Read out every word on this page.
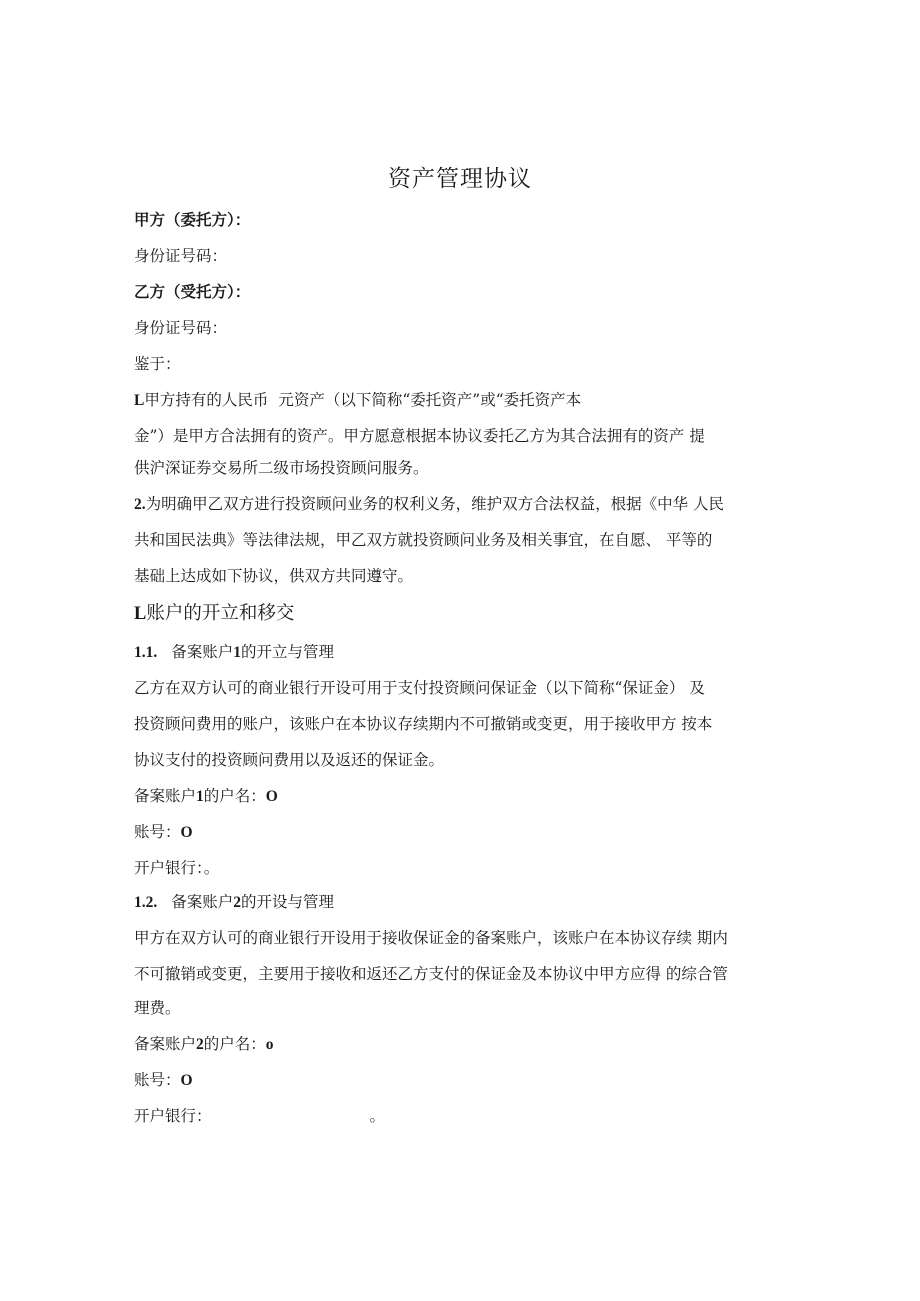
资产管理协议
甲方（委托方）：
身份证号码：
乙方（受托方）：
身份证号码：
鉴于：
L甲方持有的人民币 元资产（以下简称“委托资产”或“委托资产本
金”）是甲方合法拥有的资产。甲方愿意根据本协议委托乙方为其合法拥有的资产 提
供沪深证券交易所二级市场投资顾问服务。
2.为明确甲乙双方进行投资顾问业务的权利义务，维护双方合法权益，根据《中华 人民
共和国民法典》等法律法规，甲乙双方就投资顾问业务及相关事宜，在自愿、 平等的
基础上达成如下协议，供双方共同遵守。
L账户的开立和移交
1.1. 备案账户1的开立与管理
乙方在双方认可的商业银行开设可用于支付投资顾问保证金（以下简称“保证金） 及
投资顾问费用的账户，该账户在本协议存续期内不可撤销或变更，用于接收甲方 按本
协议支付的投资顾问费用以及返还的保证金。
备案账户1的户名：O
账号：O
开户银行：。
1.2. 备案账户2的开设与管理
甲方在双方认可的商业银行开设用于接收保证金的备案账户，该账户在本协议存续 期内
不可撤销或变更，主要用于接收和返还乙方支付的保证金及本协议中甲方应得 的综合管
理费。
备案账户2的户名：o
账号：O
开户银行：	。
